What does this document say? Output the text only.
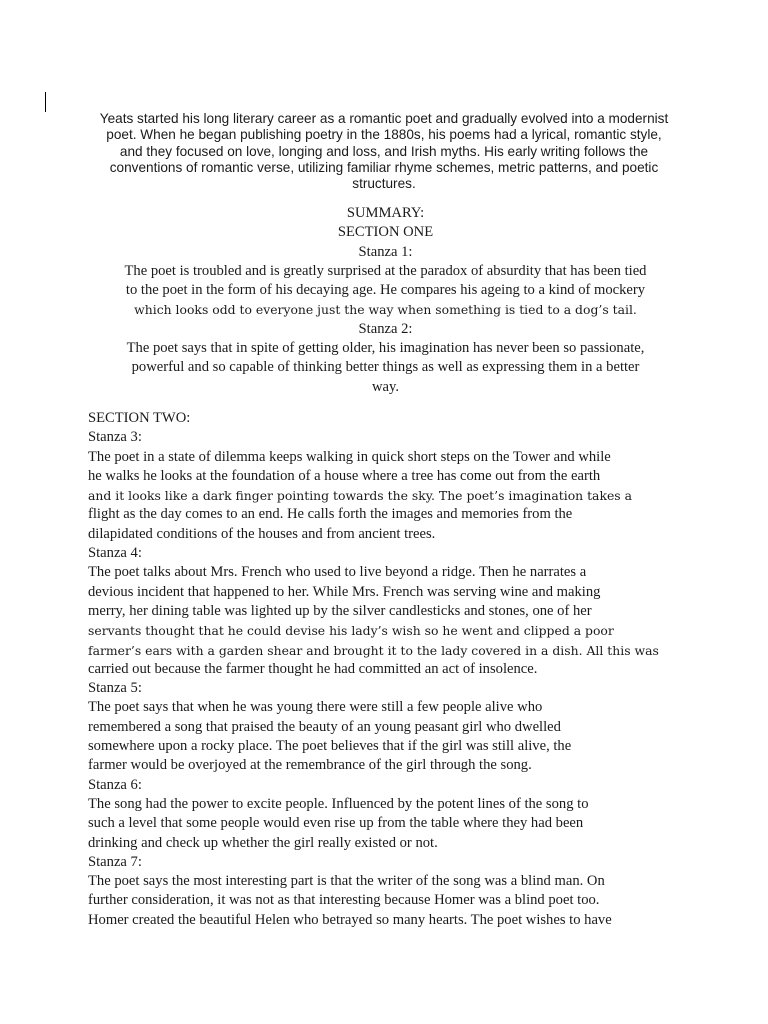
Yeats started his long literary career as a romantic poet and gradually evolved into a modernist
poet. When he began publishing poetry in the 1880s, his poems had a lyrical, romantic style,
and they focused on love, longing and loss, and Irish myths. His early writing follows the
conventions of romantic verse, utilizing familiar rhyme schemes, metric patterns, and poetic
structures.

SUMMARY:
SECTION ONE
Stanza 1:
The poet is troubled and is greatly surprised at the paradox of absurdity that has been tied
to the poet in the form of his decaying age. He compares his ageing to a kind of mockery
which looks odd to everyone just the way when something is tied to a dog’s tail.
Stanza 2:
The poet says that in spite of getting older, his imagination has never been so passionate,
powerful and so capable of thinking better things as well as expressing them in a better
way.
SECTION TWO:
Stanza 3:
The poet in a state of dilemma keeps walking in quick short steps on the Tower and while
he walks he looks at the foundation of a house where a tree has come out from the earth
and it looks like a dark finger pointing towards the sky. The poet’s imagination takes a
flight as the day comes to an end. He calls forth the images and memories from the
dilapidated conditions of the houses and from ancient trees.
Stanza 4:
The poet talks about Mrs. French who used to live beyond a ridge. Then he narrates a
devious incident that happened to her. While Mrs. French was serving wine and making
merry, her dining table was lighted up by the silver candlesticks and stones, one of her
servants thought that he could devise his lady’s wish so he went and clipped a poor
farmer’s ears with a garden shear and brought it to the lady covered in a dish. All this was
carried out because the farmer thought he had committed an act of insolence.
Stanza 5:
The poet says that when he was young there were still a few people alive who
remembered a song that praised the beauty of an young peasant girl who dwelled
somewhere upon a rocky place. The poet believes that if the girl was still alive, the
farmer would be overjoyed at the remembrance of the girl through the song.
Stanza 6:
The song had the power to excite people. Influenced by the potent lines of the song to
such a level that some people would even rise up from the table where they had been
drinking and check up whether the girl really existed or not.
Stanza 7:
The poet says the most interesting part is that the writer of the song was a blind man. On
further consideration, it was not as that interesting because Homer was a blind poet too.
Homer created the beautiful Helen who betrayed so many hearts. The poet wishes to have
